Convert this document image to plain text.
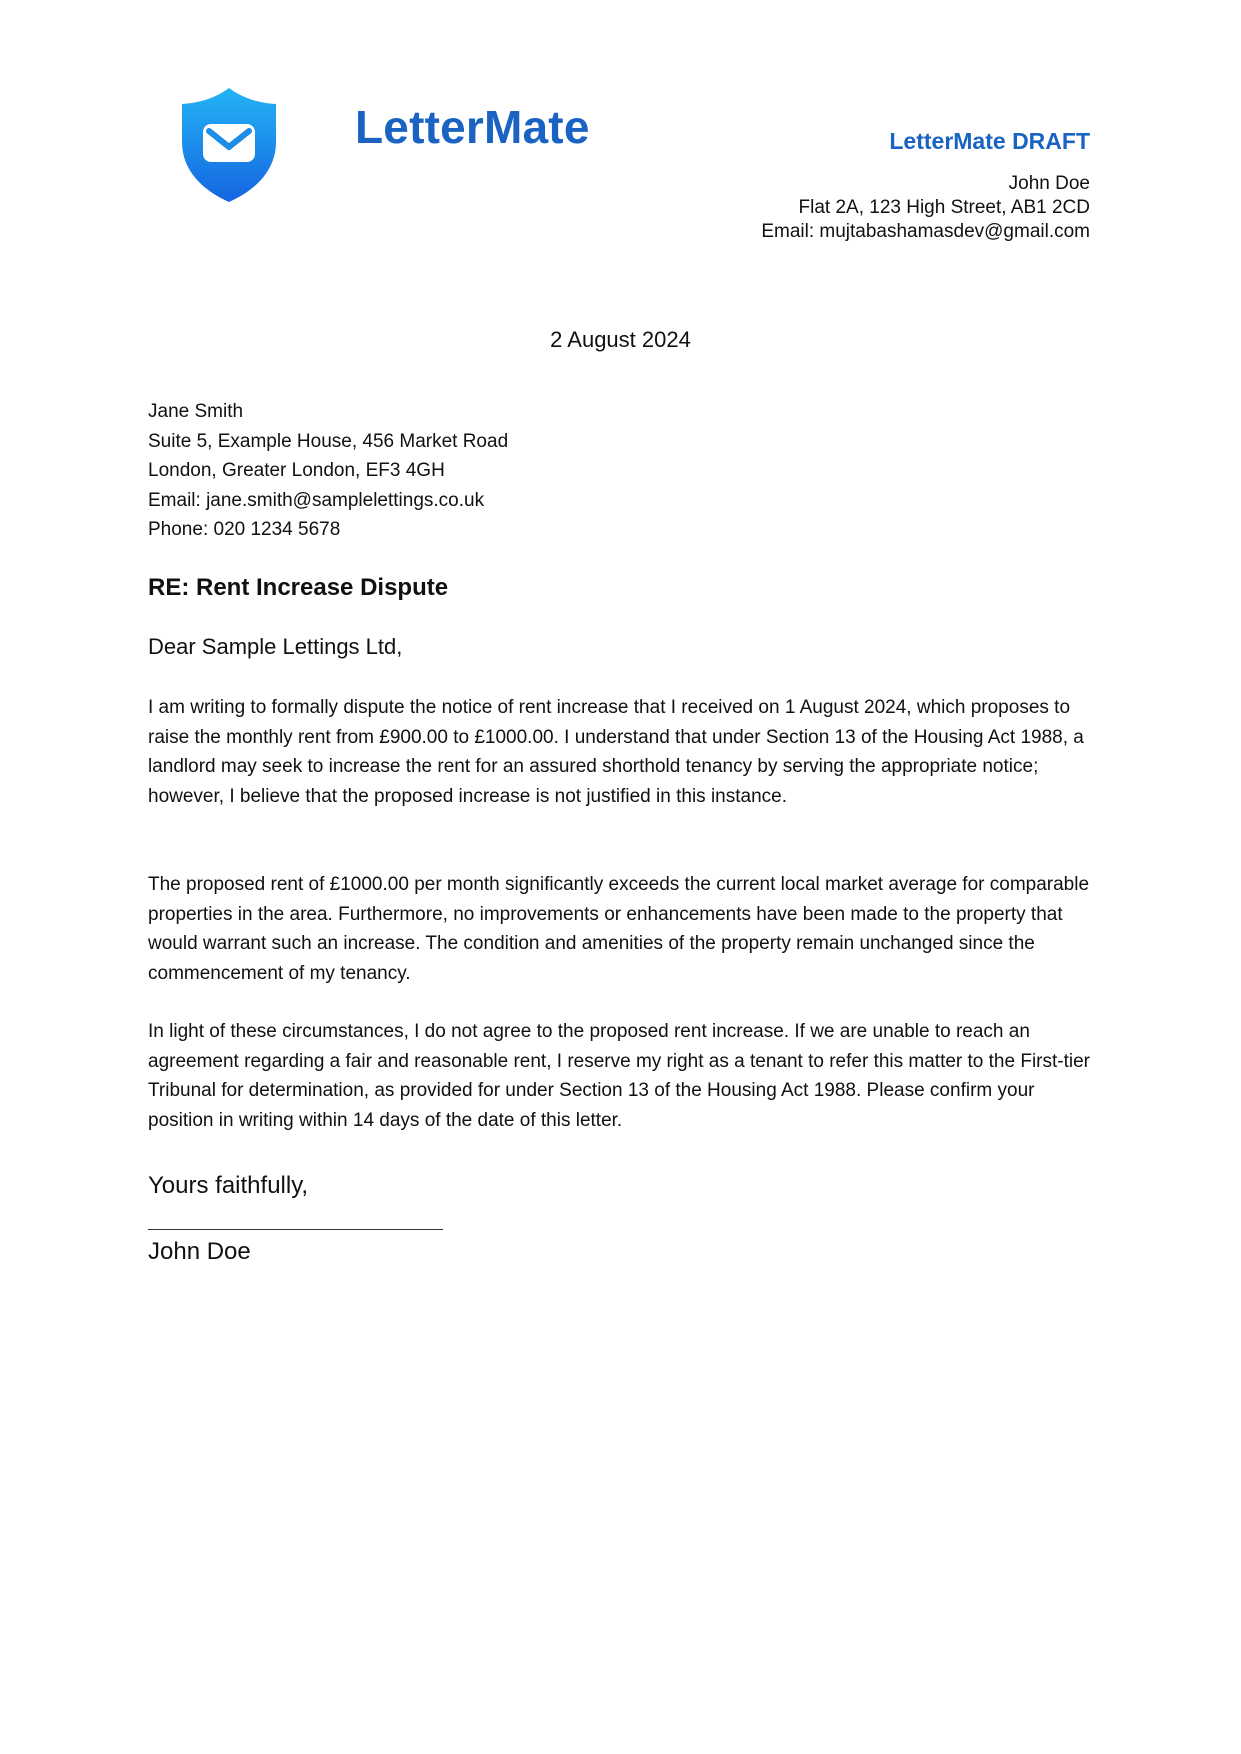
LetterMate	LetterMate DRAFT
John Doe
Flat 2A, 123 High Street, AB1 2CD
Email: mujtabashamasdev@gmail.com
2 August 2024
Jane Smith
Suite 5, Example House, 456 Market Road
London, Greater London, EF3 4GH
Email: jane.smith@samplelettings.co.uk
Phone: 020 1234 5678
RE: Rent Increase Dispute
Dear Sample Lettings Ltd,

I am writing to formally dispute the notice of rent increase that I received on 1 August 2024, which proposes to raise the monthly rent from £900.00 to £1000.00. I understand that under Section 13 of the Housing Act 1988, a landlord may seek to increase the rent for an assured shorthold tenancy by serving the appropriate notice; however, I believe that the proposed increase is not justified in this instance.

The proposed rent of £1000.00 per month significantly exceeds the current local market average for comparable properties in the area. Furthermore, no improvements or enhancements have been made to the property that would warrant such an increase. The condition and amenities of the property remain unchanged since the commencement of my tenancy.

In light of these circumstances, I do not agree to the proposed rent increase. If we are unable to reach an agreement regarding a fair and reasonable rent, I reserve my right as a tenant to refer this matter to the First-tier Tribunal for determination, as provided for under Section 13 of the Housing Act 1988. Please confirm your position in writing within 14 days of the date of this letter.

Yours faithfully,
John Doe
